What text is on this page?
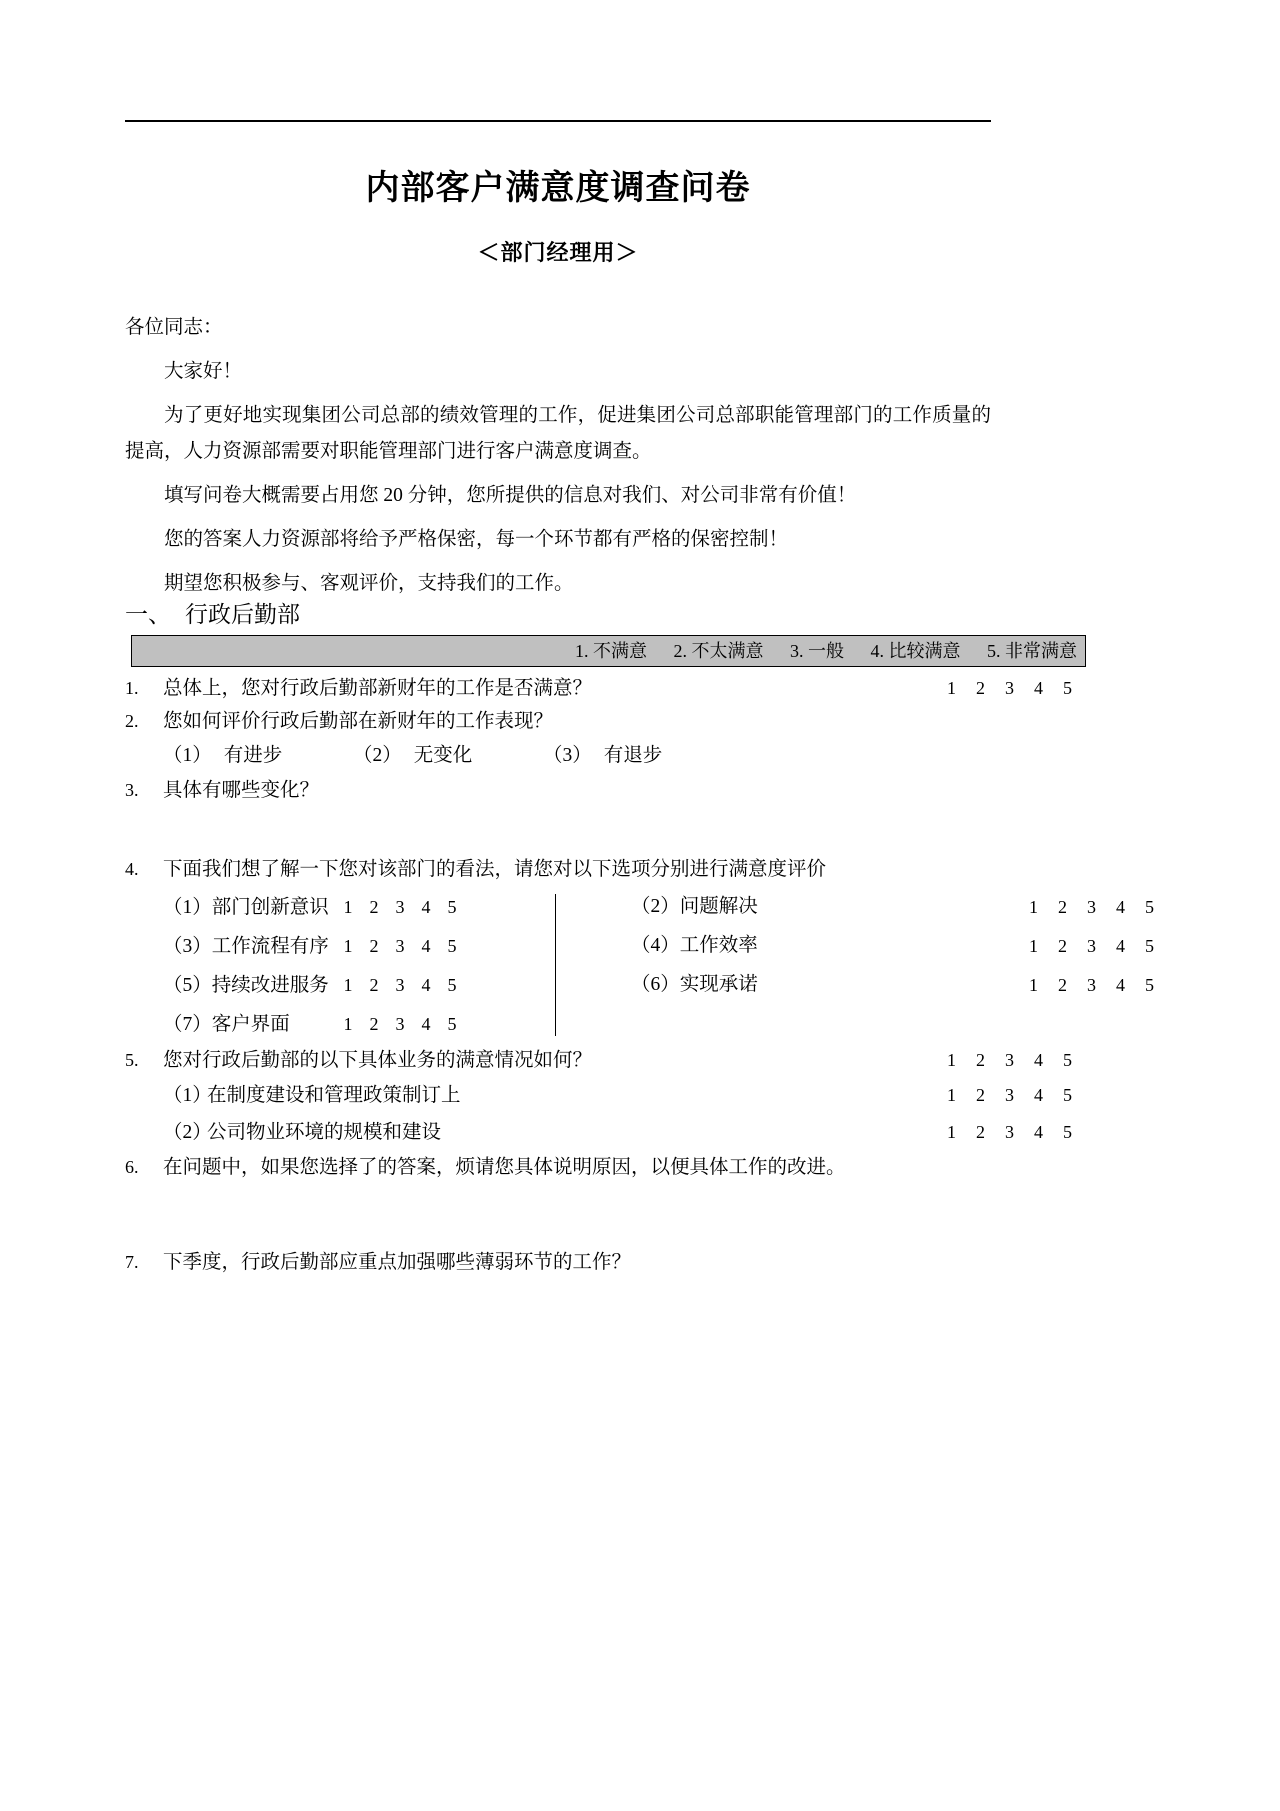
内部客户满意度调查问卷
＜部门经理用＞

各位同志：

大家好！

为了更好地实现集团公司总部的绩效管理的工作，促进集团公司总部职能管理部门的工作质量的提高，人力资源部需要对职能管理部门进行客户满意度调查。

填写问卷大概需要占用您 20 分钟，您所提供的信息对我们、对公司非常有价值！

您的答案人力资源部将给予严格保密，每一个环节都有严格的保密控制！

期望您积极参与、客观评价，支持我们的工作。

一、 行政后勤部
1. 不满意 2. 不太满意 3. 一般 4. 比较满意 5. 非常满意
1.	总体上，您对行政后勤部新财年的工作是否满意？	1 2 3 4 5
2.	您如何评价行政后勤部在新财年的工作表现？
（1） 有进步	（2） 无变化	（3） 有退步
3.	具体有哪些变化？
4.	下面我们想了解一下您对该部门的看法，请您对以下选项分别进行满意度评价
（1）部门创新意识 1 2 3 4 5	（2）问题解决	1 2 3 4 5
（3）工作流程有序 1 2 3 4 5	（4）工作效率	1 2 3 4 5
（5）持续改进服务 1 2 3 4 5	（6）实现承诺	1 2 3 4 5
（7）客户界面	1 2 3 4 5
5.	您对行政后勤部的以下具体业务的满意情况如何？	1 2 3 4 5
（1）
在制度建设和管理政策制订上	1 2 3 4 5
（2）
公司物业环境的规模和建设	1 2 3 4 5
6.	在问题中，如果您选择了的答案，烦请您具体说明原因，以便具体工作的改进。
7.	下季度，行政后勤部应重点加强哪些薄弱环节的工作？
